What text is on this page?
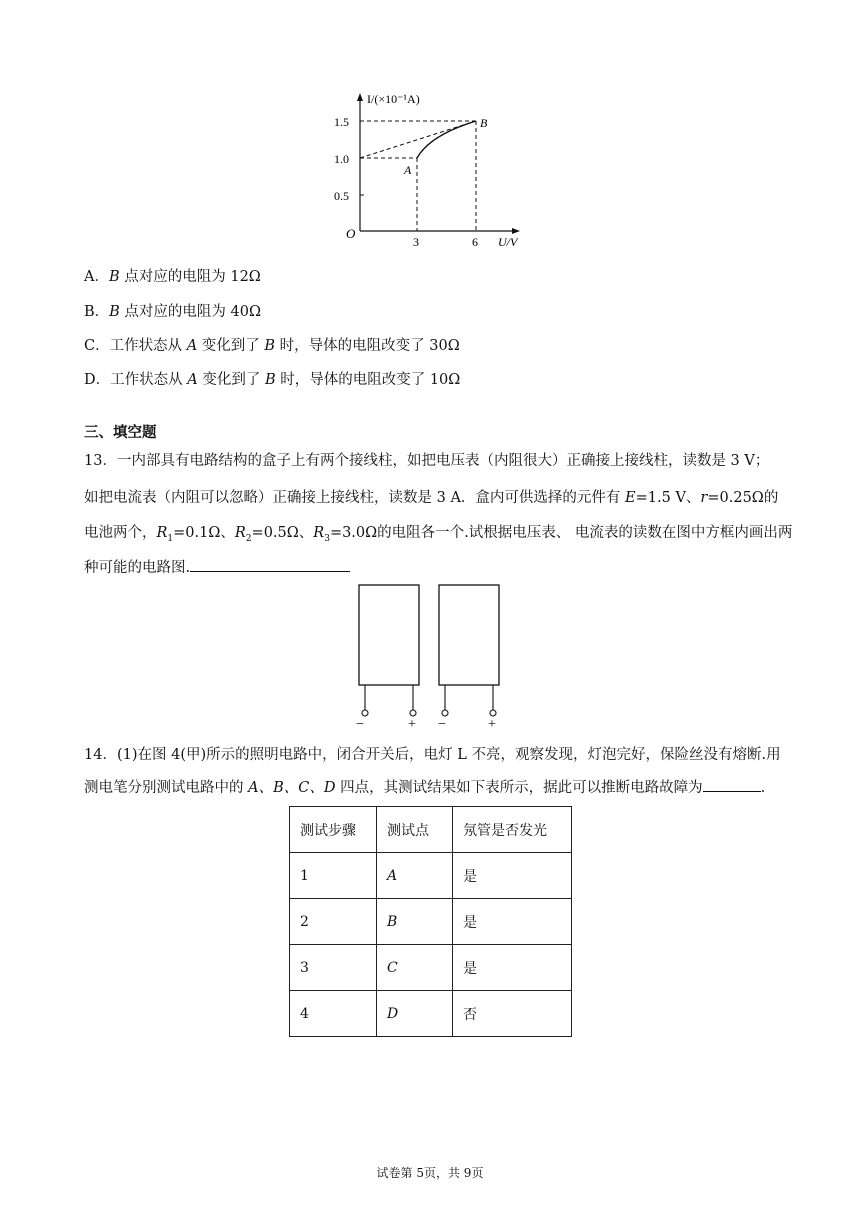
I/(×10⁻¹A)
1.5
1.0
0.5
O
3	6 U/V
A
B
A．B 点对应的电阻为 12Ω
B．B 点对应的电阻为 40Ω
C．工作状态从 A 变化到了 B 时，导体的电阻改变了 30Ω
D．工作状态从 A 变化到了 B 时，导体的电阻改变了 10Ω
三、填空题
13．一内部具有电路结构的盒子上有两个接线柱，如把电压表（内阻很大）正确接上接线柱，读数是 3 V；
如把电流表（内阻可以忽略）正确接上接线柱，读数是 3 A．盒内可供选择的元件有 E=1.5 V、r=0.25Ω的
电池两个，$R_1=0.1\Omega$、$R_2=0.5\Omega$、$R_3=3.0\Omega$的电阻各一个.试根据电压表、 电流表的读数在图中方框内画出两
种可能的电路图.
−	+ −	+
14．(1)在图 4(甲)所示的照明电路中，闭合开关后，电灯 L 不亮，观察发现，灯泡完好，保险丝没有熔断.用
测电笔分别测试电路中的 A、B、C、D 四点，其测试结果如下表所示，据此可以推断电路故障为	.
测试步骤	测试点	氖管是否发光
1	A	是
2	B	是
3	C	是
4	D	否
试卷第 5页，共 9页
